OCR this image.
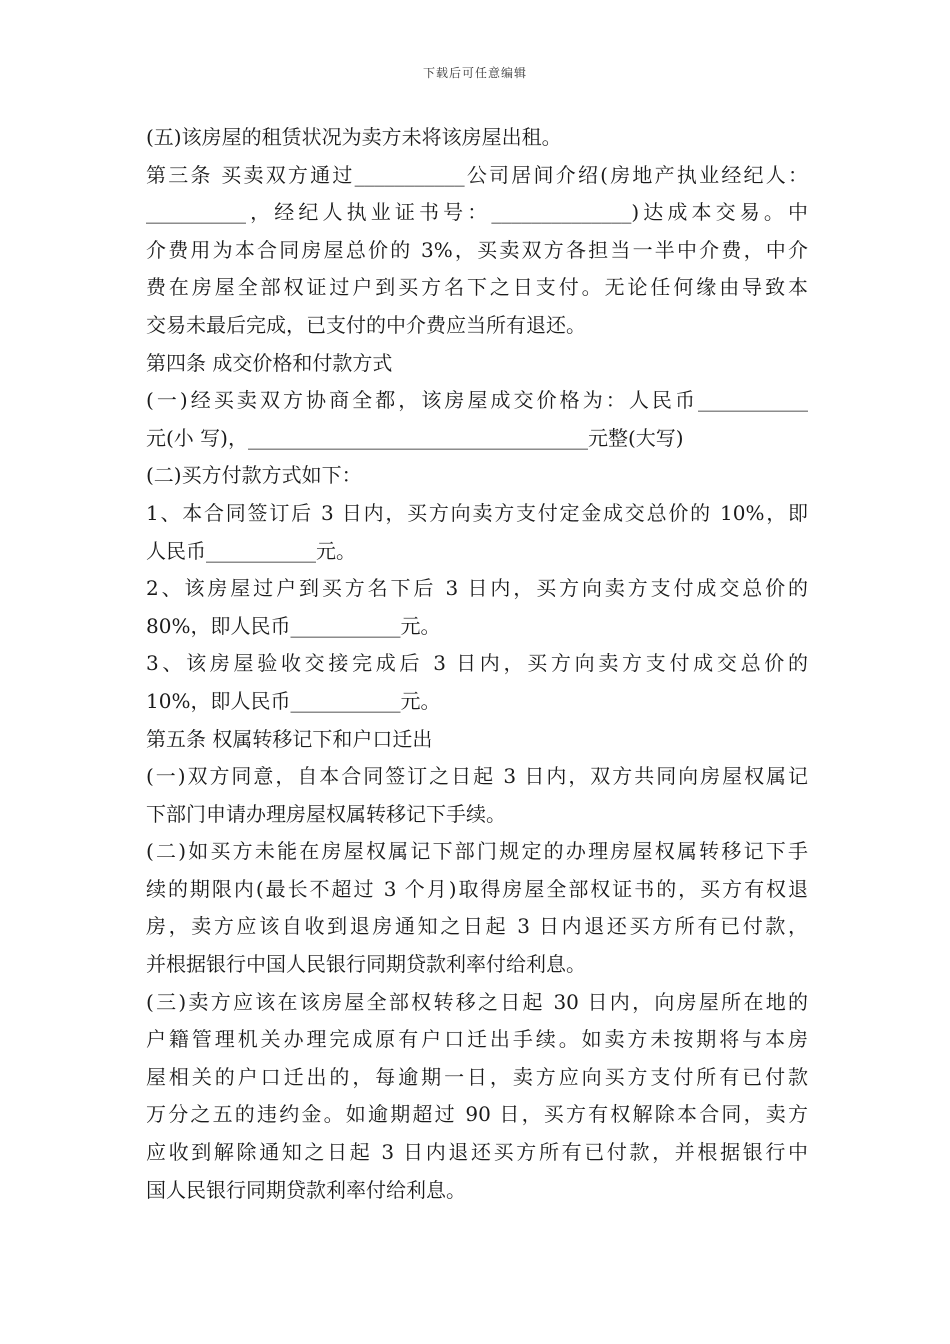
下载后可任意编辑
(五)该房屋的租赁状况为卖方未将该房屋出租。
第三条 买卖双方通过___________公司居间介绍(房地产执业经纪人：
__________，经纪人执业证书号：______________)达成本交易。中
介费用为本合同房屋总价的 3%，买卖双方各担当一半中介费，中介
费在房屋全部权证过户到买方名下之日支付。无论任何缘由导致本
交易未最后完成，已支付的中介费应当所有退还。
第四条 成交价格和付款方式
(一)经买卖双方协商全都，该房屋成交价格为：人民币___________
元(小 写)，__________________________________元整(大写)
(二)买方付款方式如下：
1、本合同签订后 3 日内，买方向卖方支付定金成交总价的 10%，即
人民币___________元。
2、该房屋过户到买方名下后 3 日内，买方向卖方支付成交总价的
80%，即人民币___________元。
3、该房屋验收交接完成后 3 日内，买方向卖方支付成交总价的
10%，即人民币___________元。
第五条 权属转移记下和户口迁出
(一)双方同意，自本合同签订之日起 3 日内，双方共同向房屋权属记
下部门申请办理房屋权属转移记下手续。
(二)如买方未能在房屋权属记下部门规定的办理房屋权属转移记下手
续的期限内(最长不超过 3 个月)取得房屋全部权证书的，买方有权退
房，卖方应该自收到退房通知之日起 3 日内退还买方所有已付款，
并根据银行中国人民银行同期贷款利率付给利息。
(三)卖方应该在该房屋全部权转移之日起 30 日内，向房屋所在地的
户籍管理机关办理完成原有户口迁出手续。如卖方未按期将与本房
屋相关的户口迁出的，每逾期一日，卖方应向买方支付所有已付款
万分之五的违约金。如逾期超过 90 日，买方有权解除本合同，卖方
应收到解除通知之日起 3 日内退还买方所有已付款，并根据银行中
国人民银行同期贷款利率付给利息。
